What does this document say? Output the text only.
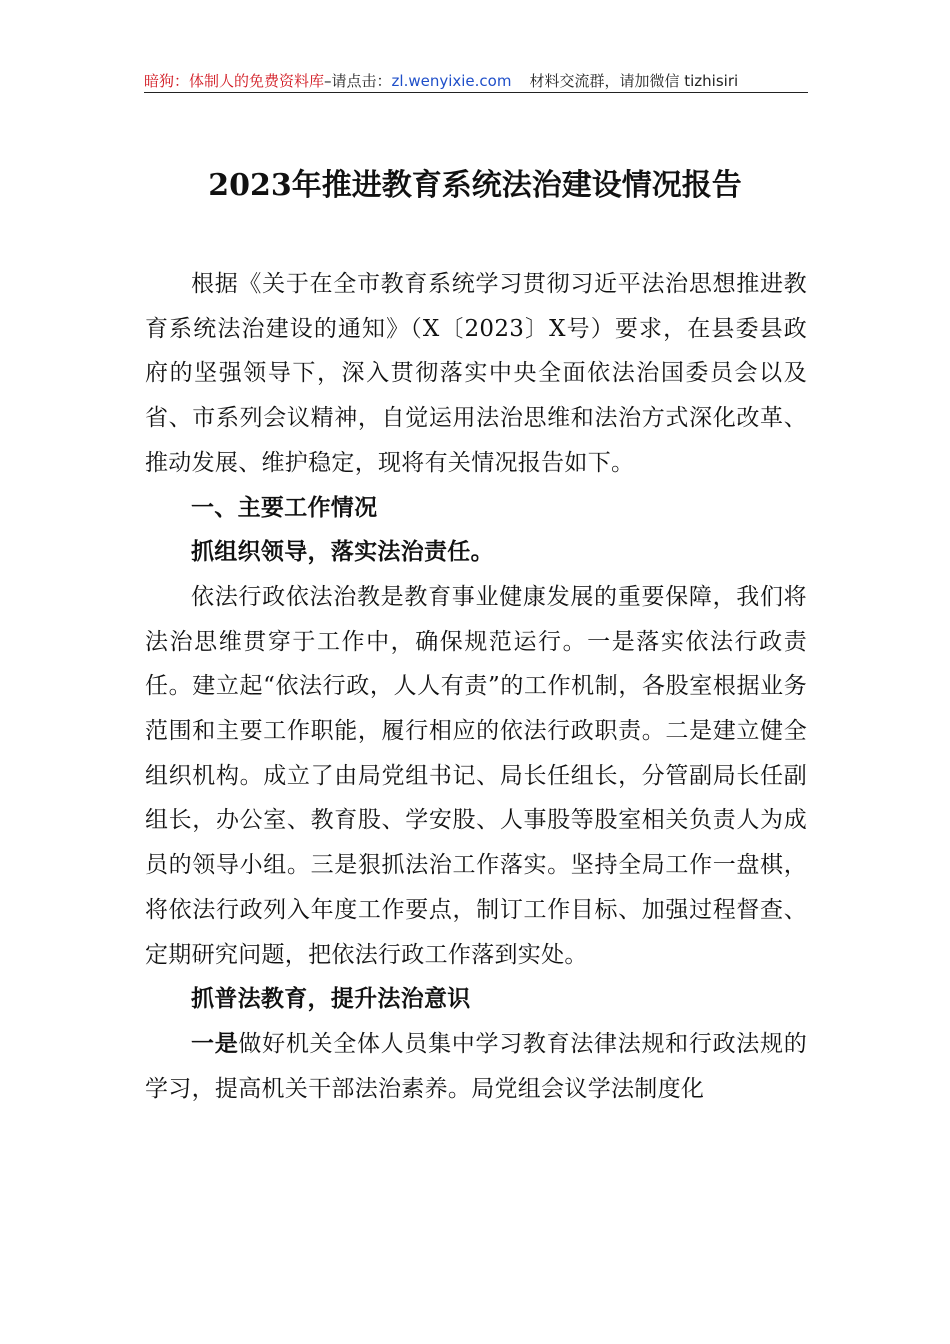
暗狗：体制人的免费资料库–请点击：zl.wenyixie.com 材料交流群，请加微信 tizhisiri
2023年推进教育系统法治建设情况报告

根据《关于在全市教育系统学习贯彻习近平法治思想推进教育系统法治建设的通知》（X〔2023〕X号）要求，在县委县政府的坚强领导下，深入贯彻落实中央全面依法治国委员会以及省、市系列会议精神，自觉运用法治思维和法治方式深化改革、推动发展、维护稳定，现将有关情况报告如下。

一、主要工作情况

抓组织领导，落实法治责任。

依法行政依法治教是教育事业健康发展的重要保障，我们将法治思维贯穿于工作中，确保规范运行。一是落实依法行政责任。建立起“依法行政，人人有责”的工作机制，各股室根据业务范围和主要工作职能，履行相应的依法行政职责。二是建立健全组织机构。成立了由局党组书记、局长任组长，分管副局长任副组长，办公室、教育股、学安股、人事股等股室相关负责人为成员的领导小组。三是狠抓法治工作落实。坚持全局工作一盘棋，将依法行政列入年度工作要点，制订工作目标、加强过程督查、定期研究问题，把依法行政工作落到实处。

抓普法教育，提升法治意识

一是做好机关全体人员集中学习教育法律法规和行政法规的学习，提高机关干部法治素养。局党组会议学法制度化
